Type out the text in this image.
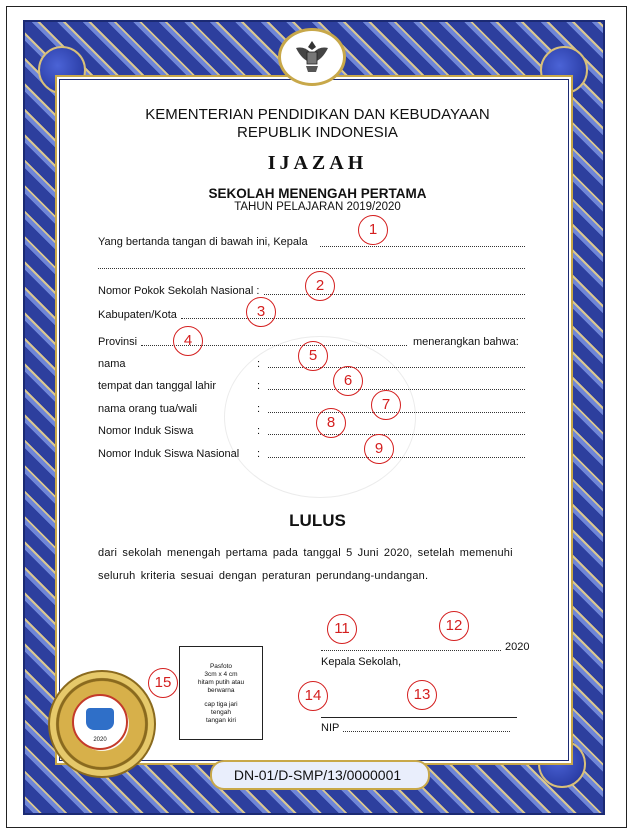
KEMENTERIAN PENDIDIKAN DAN KEBUDAYAAN
REPUBLIK INDONESIA
IJAZAH
SEKOLAH MENENGAH PERTAMA
TAHUN PELAJARAN 2019/2020
Yang bertanda tangan di bawah ini, Kepala
Nomor Pokok Sekolah Nasional :
Kabupaten/Kota
Provinsi	menerangkan bahwa:
nama	:
tempat dan tanggal lahir	:
nama orang tua/wali	:
Nomor Induk Siswa	:
Nomor Induk Siswa Nasional :
1
2
3
4
5
6
7
8
9
11	12
13
14
15
LULUS
dari sekolah menengah pertama pada tanggal 5 Juni 2020, setelah memenuhi
seluruh kriteria sesuai dengan peraturan perundang-undangan.
2020
Kepala Sekolah,
NIP
Pasfoto
3cm x 4 cm
hitam putih atau
berwarna
cap tiga jari
tengah
tangan kiri
2020
DN-01/D-SMP/13/0000001
